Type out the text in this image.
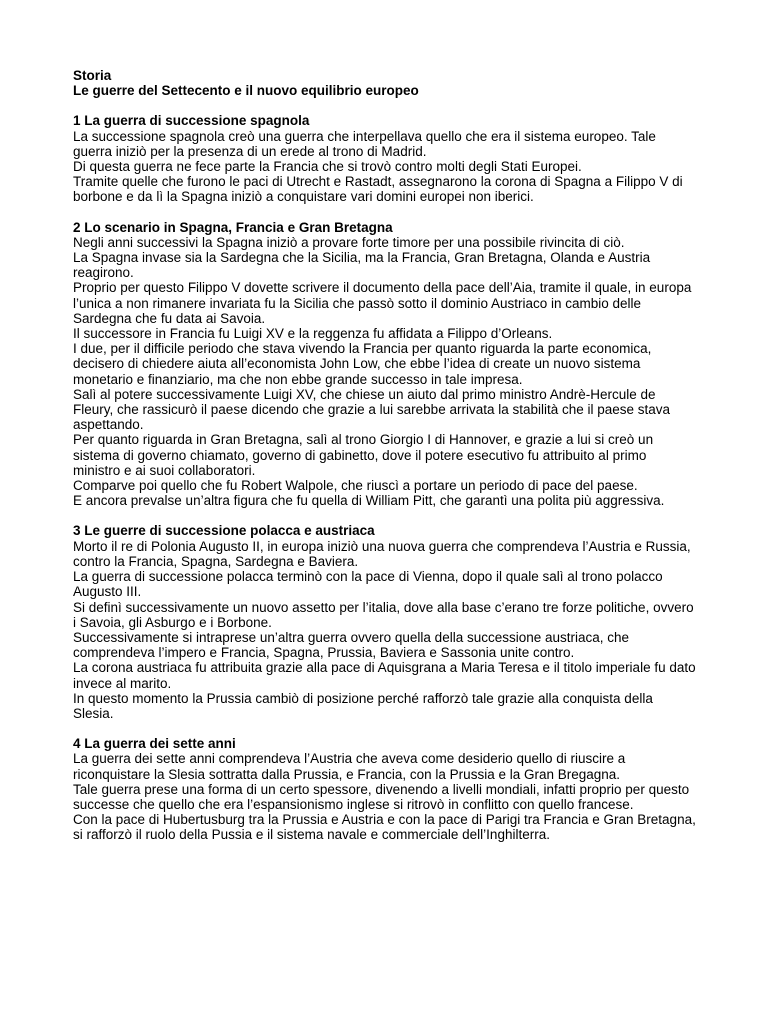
Storia

Le guerre del Settecento e il nuovo equilibrio europeo

1 La guerra di successione spagnola

La successione spagnola creò una guerra che interpellava quello che era il sistema europeo. Tale guerra iniziò per la presenza di un erede al trono di Madrid.

Di questa guerra ne fece parte la Francia che si trovò contro molti degli Stati Europei.

Tramite quelle che furono le paci di Utrecht e Rastadt, assegnarono la corona di Spagna a Filippo V di borbone e da lì la Spagna iniziò a conquistare vari domini europei non iberici.

2 Lo scenario in Spagna, Francia e Gran Bretagna

Negli anni successivi la Spagna iniziò a provare forte timore per una possibile rivincita di ciò.

La Spagna invase sia la Sardegna che la Sicilia, ma la Francia, Gran Bretagna, Olanda e Austria reagirono.

Proprio per questo Filippo V dovette scrivere il documento della pace dell’Aia, tramite il quale, in europa l’unica a non rimanere invariata fu la Sicilia che passò sotto il dominio Austriaco in cambio delle Sardegna che fu data ai Savoia.

Il successore in Francia fu Luigi XV e la reggenza fu affidata a Filippo d’Orleans.

I due, per il difficile periodo che stava vivendo la Francia per quanto riguarda la parte economica, decisero di chiedere aiuta all’economista John Low, che ebbe l’idea di create un nuovo sistema monetario e finanziario, ma che non ebbe grande successo in tale impresa.

Salì al potere successivamente Luigi XV, che chiese un aiuto dal primo ministro Andrè-Hercule de Fleury, che rassicurò il paese dicendo che grazie a lui sarebbe arrivata la stabilità che il paese stava aspettando.

Per quanto riguarda in Gran Bretagna, salì al trono Giorgio I di Hannover, e grazie a lui si creò un sistema di governo chiamato, governo di gabinetto, dove il potere esecutivo fu attribuito al primo ministro e ai suoi collaboratori.

Comparve poi quello che fu Robert Walpole, che riuscì a portare un periodo di pace del paese.

E ancora prevalse un’altra figura che fu quella di William Pitt, che garantì una polita più aggressiva.

3 Le guerre di successione polacca e austriaca

Morto il re di Polonia Augusto II, in europa iniziò una nuova guerra che comprendeva l’Austria e Russia, contro la Francia, Spagna, Sardegna e Baviera.

La guerra di successione polacca terminò con la pace di Vienna, dopo il quale salì al trono polacco Augusto III.

Si definì successivamente un nuovo assetto per l’italia, dove alla base c’erano tre forze politiche, ovvero i Savoia, gli Asburgo e i Borbone.

Successivamente si intraprese un’altra guerra ovvero quella della successione austriaca, che comprendeva l’impero e Francia, Spagna, Prussia, Baviera e Sassonia unite contro.

La corona austriaca fu attribuita grazie alla pace di Aquisgrana a Maria Teresa e il titolo imperiale fu dato invece al marito.

In questo momento la Prussia cambiò di posizione perché rafforzò tale grazie alla conquista della Slesia.

4 La guerra dei sette anni

La guerra dei sette anni comprendeva l’Austria che aveva come desiderio quello di riuscire a riconquistare la Slesia sottratta dalla Prussia, e Francia, con la Prussia e la Gran Bregagna.

Tale guerra prese una forma di un certo spessore, divenendo a livelli mondiali, infatti proprio per questo successe che quello che era l’espansionismo inglese si ritrovò in conflitto con quello francese.

Con la pace di Hubertusburg tra la Prussia e Austria e con la pace di Parigi tra Francia e Gran Bretagna, si rafforzò il ruolo della Pussia e il sistema navale e commerciale dell’Inghilterra.
